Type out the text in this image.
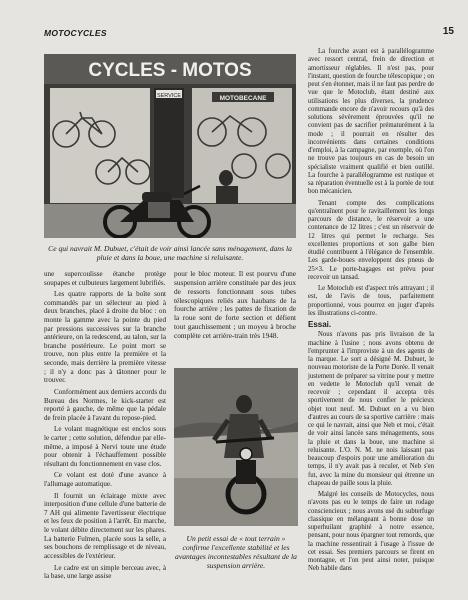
MOTOCYCLES	15
CYCLES - MOTOS
SERVICE	MOTOBECANE
Ce qui navrait M. Dubuet, c'était de voir ainsi lancée sans ménagement, dans la pluie et dans la boue, une machine si reluisante.

une supercoulisse étanche protège soupapes et culbuteurs largement lubrifiés.

Les quatre rapports de la boîte sont commandés par un sélecteur au pied à deux branches, placé à droite du bloc : on monte la gamme avec la pointe du pied par pressions successives sur la branche antérieure, on la redescend, au talon, sur la branche postérieure. Le point mort se trouve, non plus entre la première et la seconde, mais derrière la première vitesse ; il n'y a donc pas à tâtonner pour le trouver.

Conformément aux derniers accords du Bureau des Normes, le kick-starter est reporté à gauche, de même que la pédale de frein placée à l'avant du repose-pied.

Le volant magnétique est enclos sous le carter ; cette solution, défendue par elle-même, a imposé à Nervi toute une étude pour obtenir à l'échauffement possible résultant du fonctionnement en vase clos.

Ce volant est doté d'une avance à l'allumage automatique.

Il fournit un éclairage mixte avec interposition d'une cellule d'une batterie de 7 AH qui alimente l'avertisseur électrique et les feux de position à l'arrêt. En marche, le volant débite directement sur les phares. La batterie Fulmen, placée sous la selle, a ses bouchons de remplissage et de niveau, accessibles de l'extérieur.

Le cadre est un simple berceau avec, à la base, une large assise

pour le bloc moteur. Il est pourvu d'une suspension arrière constituée par des jeux de ressorts fonctionnant sous tubes télescopiques reliés aux haubans de la fourche arrière ; les pattes de fixation de la roue sont de forte section et défient tout gauchissement ; un moyeu à broche complète cet arrière-train très 1948.

Un petit essai de « tout terrain » confirme l'excellente stabilité et les avantages incontestables résultant de la suspension arrière.

La fourche avant est à parallélogramme avec ressort central, frein de direction et amortisseur réglables. Il n'est pas, pour l'instant, question de fourche télescopique ; on peut s'en étonner, mais il ne faut pas perdre de vue que le Motoclub, étant destiné aux utilisations les plus diverses, la prudence commande encore de n'avoir recours qu'à des solutions sévèrement éprouvées qu'il ne convient pas de sacrifier prématurément à la mode ; il pourrait en résulter des inconvénients dans certaines conditions d'emploi, à la campagne, par exemple, où l'on ne trouve pas toujours en cas de besoin un spécialiste vraiment qualifié et bien outillé. La fourche à parallélogramme est rustique et sa réparation éventuelle est à la portée de tout bon mécanicien.

Tenant compte des complications qu'entraînent pour le ravitaillement les longs parcours de distance, le réservoir a une contenance de 12 litres ; c'est un réservoir de 12 litres qui permet le recharge. Ses excellentes proportions et son galbe bien étudié contribuent à l'élégance de l'ensemble. Les garde-boues enveloppent des pneus de 25×3. Le porte-bagages est prévu pour recevoir un tansad.

Le Motoclub est d'aspect très attrayant ; il est, de l'avis de tous, parfaitement proportionné, vous pourrez en juger d'après les illustrations ci-contre.

Essai.

Nous n'avons pas pris livraison de la machine à l'usine ; nous avons obtenu de l'emprunter à l'improviste à un des agents de la marque. Le sort a désigné M. Dubuet, le nouveau motoriste de la Porte Dorée. Il venait justement de préparer sa vitrine pour y mettre en vedette le Motoclub qu'il venait de recevoir ; cependant il accepta très sportivement de nous confier le précieux objet tout neuf. M. Dubuet en a vu bien d'autres au cours de sa sportive carrière : mais ce qui le navrait, ainsi que Neb et moi, c'était de voir ainsi lancée sans ménagements, sous la pluie et dans la boue, une machine si reluisante. L'O. N. M. ne nois laissant pas beaucoup d'espoirs pour une amélioration du temps, il n'y avait pas à reculer, et Neb s'en fut, avec la mine du monsieur qui étrenne un chapeau de paille sous la pluie.

Malgré les conseils de Motocycles, nous n'avons pas eu le temps de faire un rodage consciencieux ; nous avons usé du subterfuge classique en mélangeant à bonne dose un superhuilant graphité à notre essence, pensant, pour nous épargner tout remords, que la machine ressentirait à l'usage à l'issue de cet essai. Ses premiers parcours se firent en montagne, et l'on peut ainsi noter, puisque Neb habile dans
